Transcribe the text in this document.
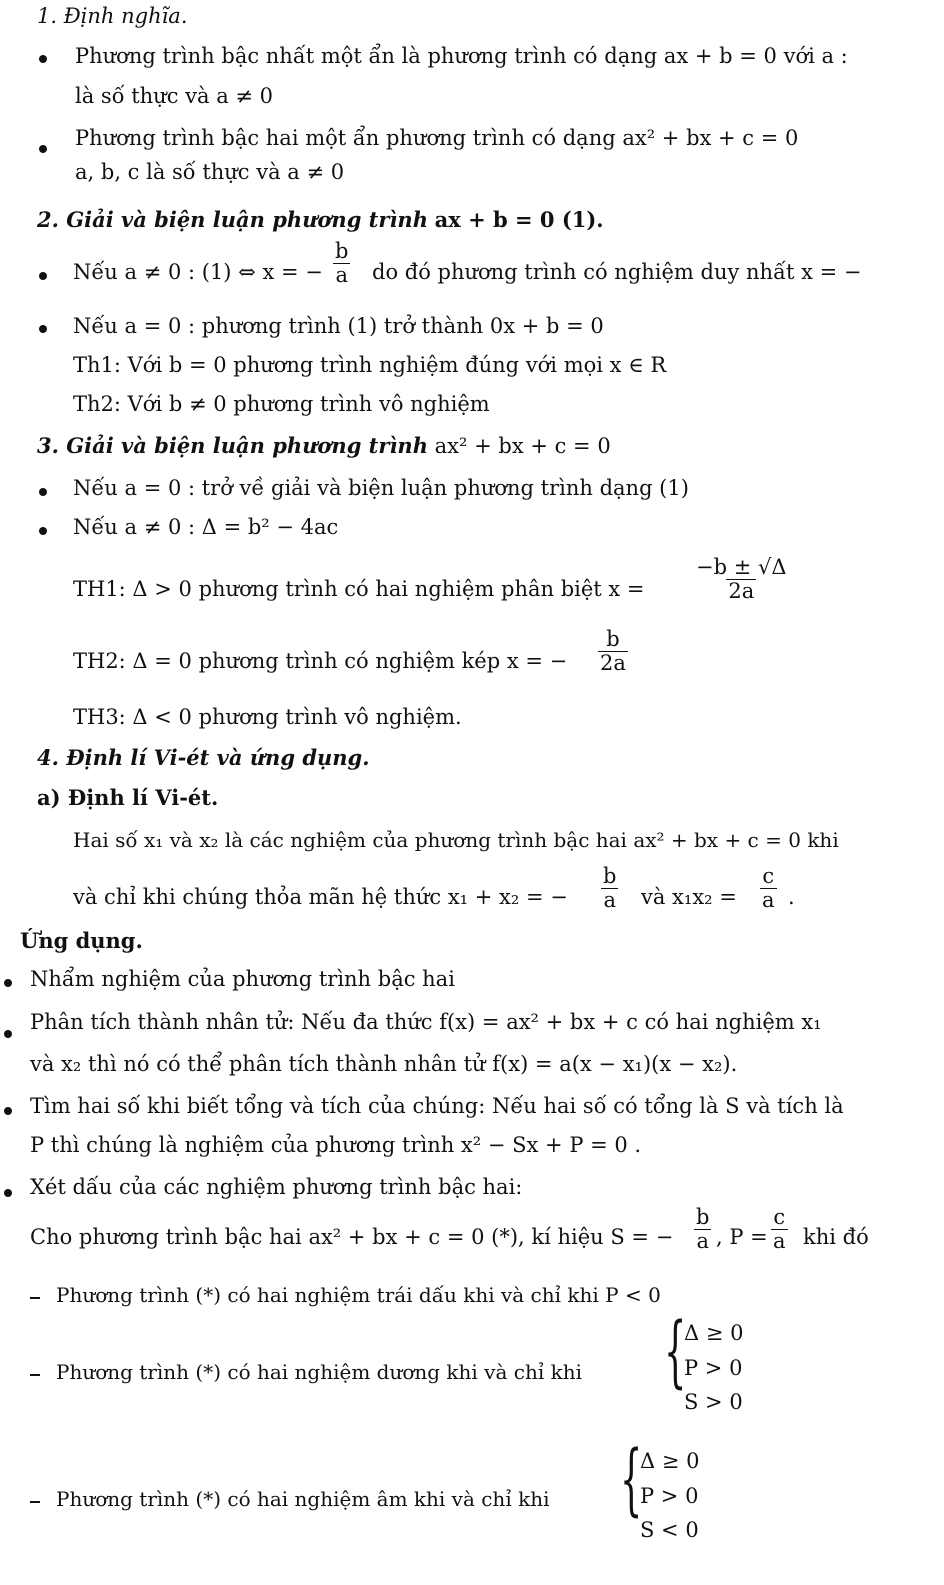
1. Định nghĩa.
Phương trình bậc nhất một ẩn là phương trình có dạng ax + b = 0 với a :
là số thực và a ≠ 0
Phương trình bậc hai một ẩn phương trình có dạng ax² + bx + c = 0
a, b, c là số thực và a ≠ 0
2. Giải và biện luận phương trình ax + b = 0 (1).
Nếu a ≠ 0 : (1) ⇔ x = − $\frac{b}{a}$ do đó phương trình có nghiệm duy nhất x = −
Nếu a = 0 : phương trình (1) trở thành 0x + b = 0
Th1: Với b = 0 phương trình nghiệm đúng với mọi x ∈ R
Th2: Với b ≠ 0 phương trình vô nghiệm
3. Giải và biện luận phương trình ax² + bx + c = 0
Nếu a = 0 : trở về giải và biện luận phương trình dạng (1)
Nếu a ≠ 0 : Δ = b² − 4ac
TH1: Δ > 0 phương trình có hai nghiệm phân biệt $x = \frac{-b \pm √\Delta}{2a}$
TH2: Δ = 0 phương trình có nghiệm kép x = − $\frac{b}{2a}$
TH3: Δ < 0 phương trình vô nghiệm.
4. Định lí Vi-ét và ứng dụng.
a) Định lí Vi-ét.
Hai số x₁ và x₂ là các nghiệm của phương trình bậc hai ax² + bx + c = 0 khi
và chỉ khi chúng thỏa mãn hệ thức x₁ + x₂ = − $\frac{b}{a}$ và $x_1x_2 = \frac{c}{a}$ .
Ứng dụng.
Nhẩm nghiệm của phương trình bậc hai
Phân tích thành nhân tử: Nếu đa thức f(x) = ax² + bx + c có hai nghiệm x₁
và x₂ thì nó có thể phân tích thành nhân tử f(x) = a(x − x₁)(x − x₂).
Tìm hai số khi biết tổng và tích của chúng: Nếu hai số có tổng là S và tích là
P thì chúng là nghiệm của phương trình x² − Sx + P = 0 .
Xét dấu của các nghiệm phương trình bậc hai:
Cho phương trình bậc hai ax² + bx + c = 0 (*), kí hiệu S = − $\frac{b}{a}$ , $P = \frac{c}{a}$ khi đó
Phương trình (*) có hai nghiệm trái dấu khi và chỉ khi P < 0
Phương trình (*) có hai nghiệm dương khi và chỉ khi {
Δ ≥ 0
P > 0
S > 0
Phương trình (*) có hai nghiệm âm khi và chỉ khi {
Δ ≥ 0
P > 0
S < 0
